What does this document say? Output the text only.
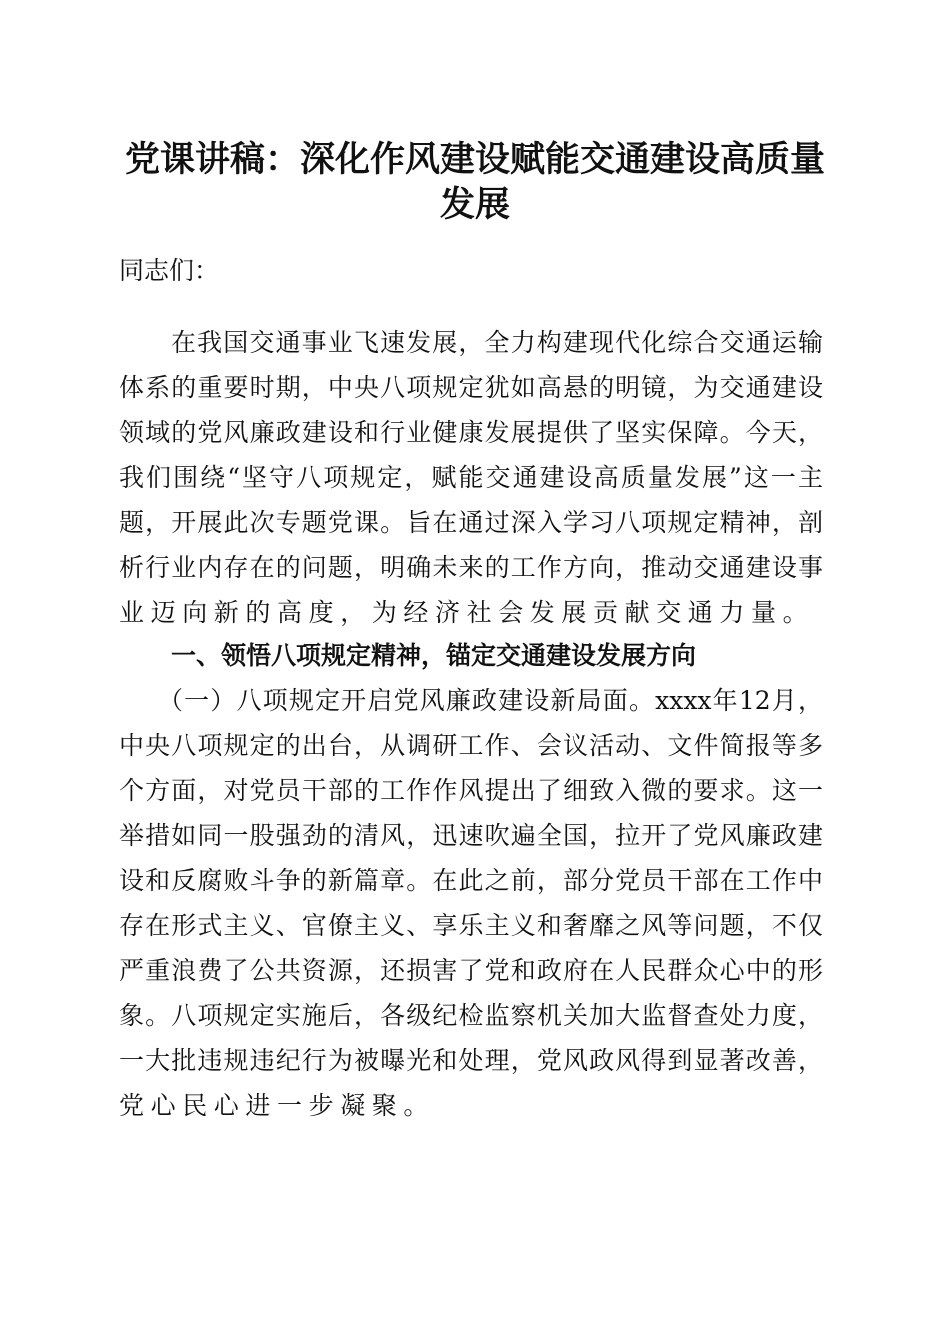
党课讲稿：深化作风建设赋能交通建设高质量
发展
同志们：
在我国交通事业飞速发展，全力构建现代化综合交通运输
体系的重要时期，中央八项规定犹如高悬的明镜，为交通建设
领域的党风廉政建设和行业健康发展提供了坚实保障。今天，
我们围绕“坚守八项规定，赋能交通建设高质量发展”这一主
题，开展此次专题党课。旨在通过深入学习八项规定精神，剖
析行业内存在的问题，明确未来的工作方向，推动交通建设事
业迈向新的高度，为经济社会发展贡献交通力量。
一、领悟八项规定精神，锚定交通建设发展方向
（一）八项规定开启党风廉政建设新局面。xxxx年12月，
中央八项规定的出台，从调研工作、会议活动、文件简报等多
个方面，对党员干部的工作作风提出了细致入微的要求。这一
举措如同一股强劲的清风，迅速吹遍全国，拉开了党风廉政建
设和反腐败斗争的新篇章。在此之前，部分党员干部在工作中
存在形式主义、官僚主义、享乐主义和奢靡之风等问题，不仅
严重浪费了公共资源，还损害了党和政府在人民群众心中的形
象。八项规定实施后，各级纪检监察机关加大监督查处力度，
一大批违规违纪行为被曝光和处理，党风政风得到显著改善，
党心民心进一步凝聚。
